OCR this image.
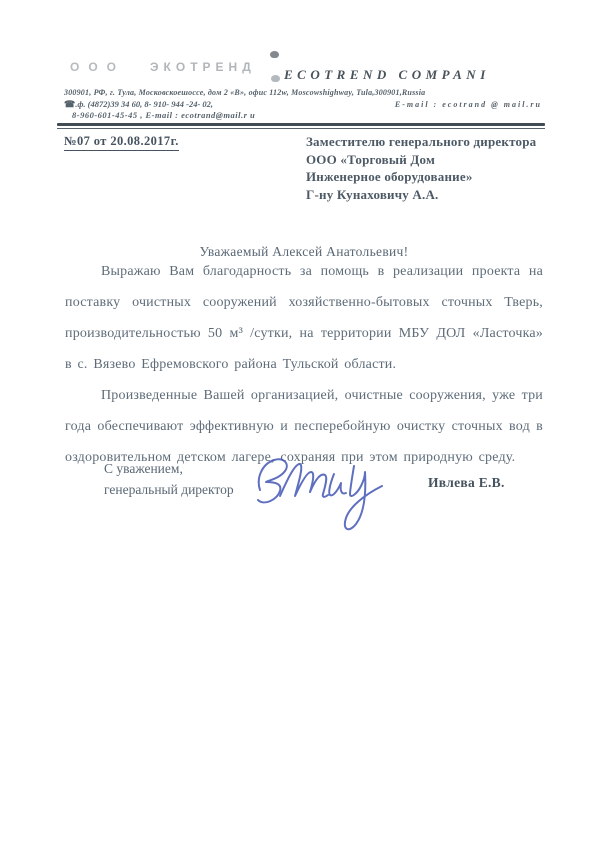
ООО ЭКОТРЕНД ECOTREND COMPANI
300901, РФ, г. Тула, Московскоешоссе, дом 2 «В», офис 112w, Moscowshighway, Tula,300901,Russia
☎.ф. (4872)39 34 60, 8- 910- 944 -24- 02,	E-mail : ecotrand @ mail.ru
8-960-601-45-45 , E-mail : ecotrand@mail.r u
№07 от 20.08.2017г.	Заместителю генерального директора
ООО «Торговый Дом
Инженерное оборудование»
Г-ну Кунаховичу А.А.
Уважаемый Алексей Анатольевич!

Выражаю Вам благодарность за помощь в реализации проекта на поставку очистных сооружений хозяйственно-бытовых сточных Тверь, производительностью 50 м³ /сутки, на территории МБУ ДОЛ «Ласточка» в с. Вязево Ефремовского района Тульской области.

Произведенные Вашей организацией, очистные сооружения, уже три года обеспечивают эффективную и песперебойную очистку сточных вод в оздоровительном детском лагере, сохраняя при этом природную среду.

С уважением,
генеральный директор	Ивлева Е.В.
